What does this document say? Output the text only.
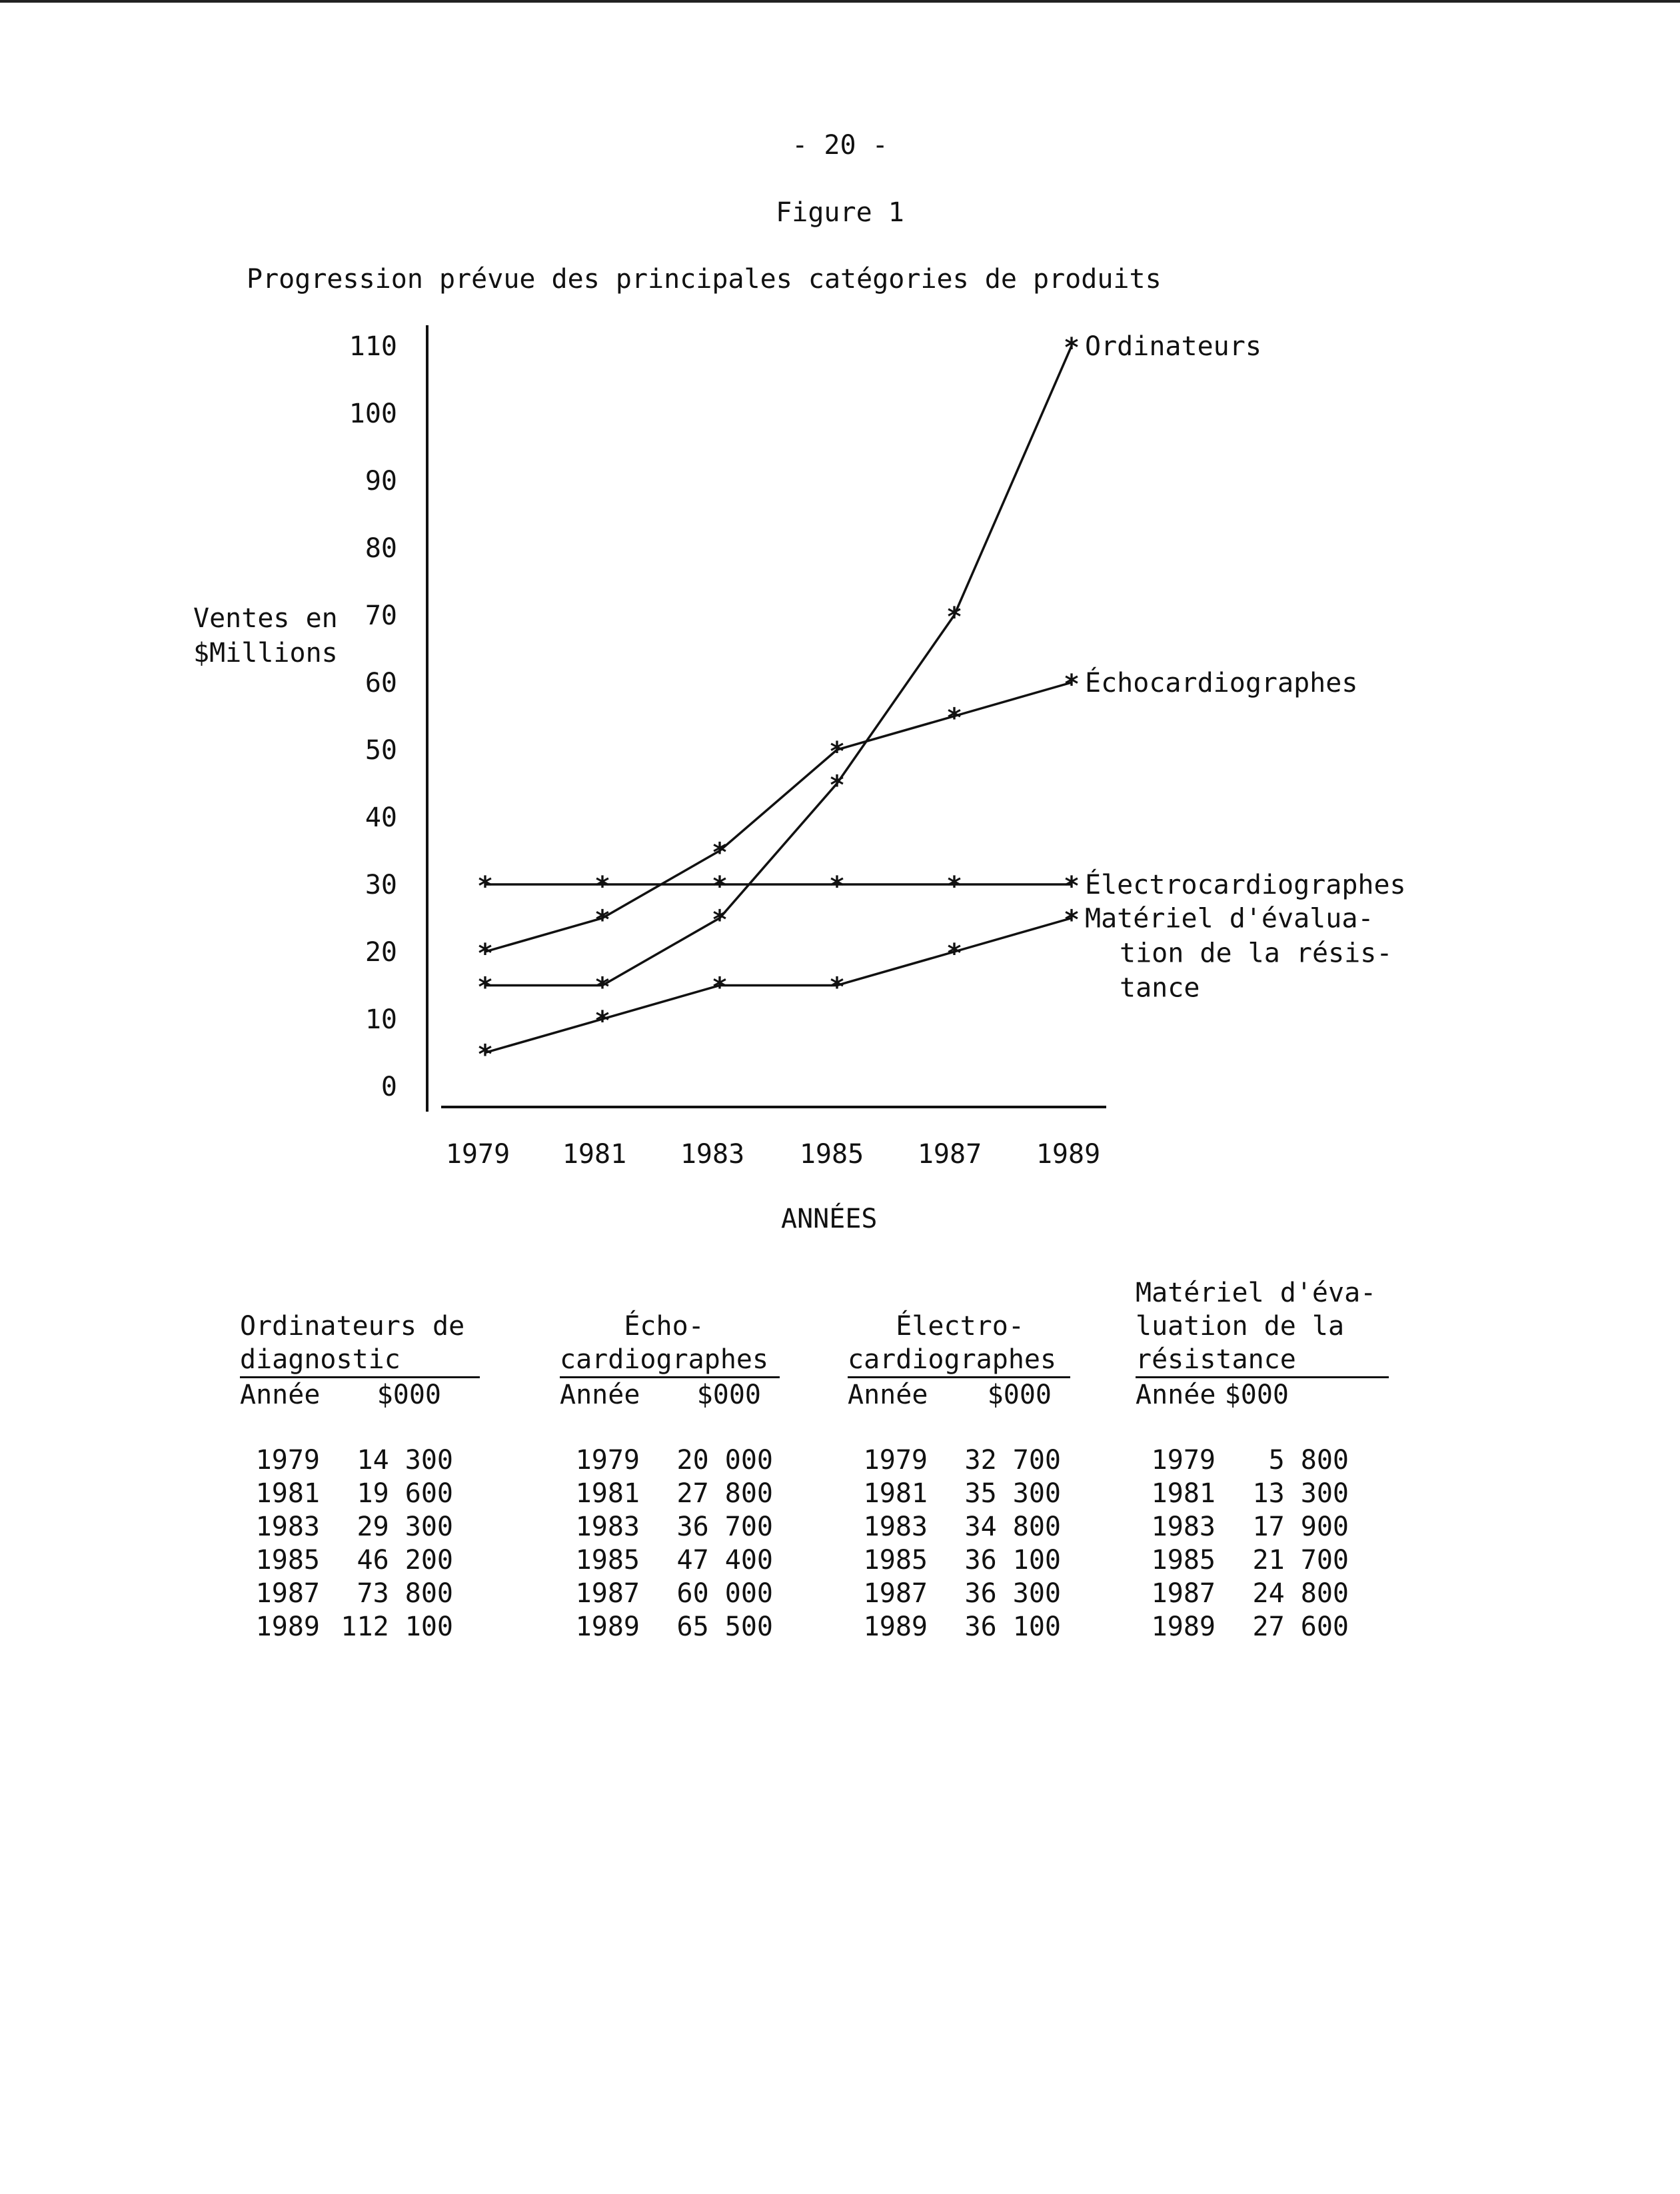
- 20 -
Figure 1
Progression prévue des principales catégories de produits
0
10
20
30
40
50
60
70
80
90
100
110
1979 1981 1983 1985 1987 1989
*	*
*
*
*
*
*
*
*
*
*
*
*	*	*	*	*	*
*
*
*	*
*
*
Ordinateurs
Échocardiographes
Électrocardiographes
Matériel d'évalua-tion de la résis-tance
Ventes en
$Millions
ANNÉES
Ordinateurs de
diagnostic
Année $000
1979	14 300
1981	19 600
1983	29 300
1985	46 200
1987	73 800
1989 112 100
Écho-
cardiographes
Année $000
1979	20 000
1981	27 800
1983	36 700
1985	47 400
1987	60 000
1989	65 500
Électro-
cardiographes
Année $000
1979	32 700
1981	35 300
1983	34 800
1985	36 100
1987	36 300
1989	36 100
Matériel d'éva-
luation de la
résistance
Année $000
1979	5 800
1981	13 300
1983	17 900
1985	21 700
1987	24 800
1989	27 600
